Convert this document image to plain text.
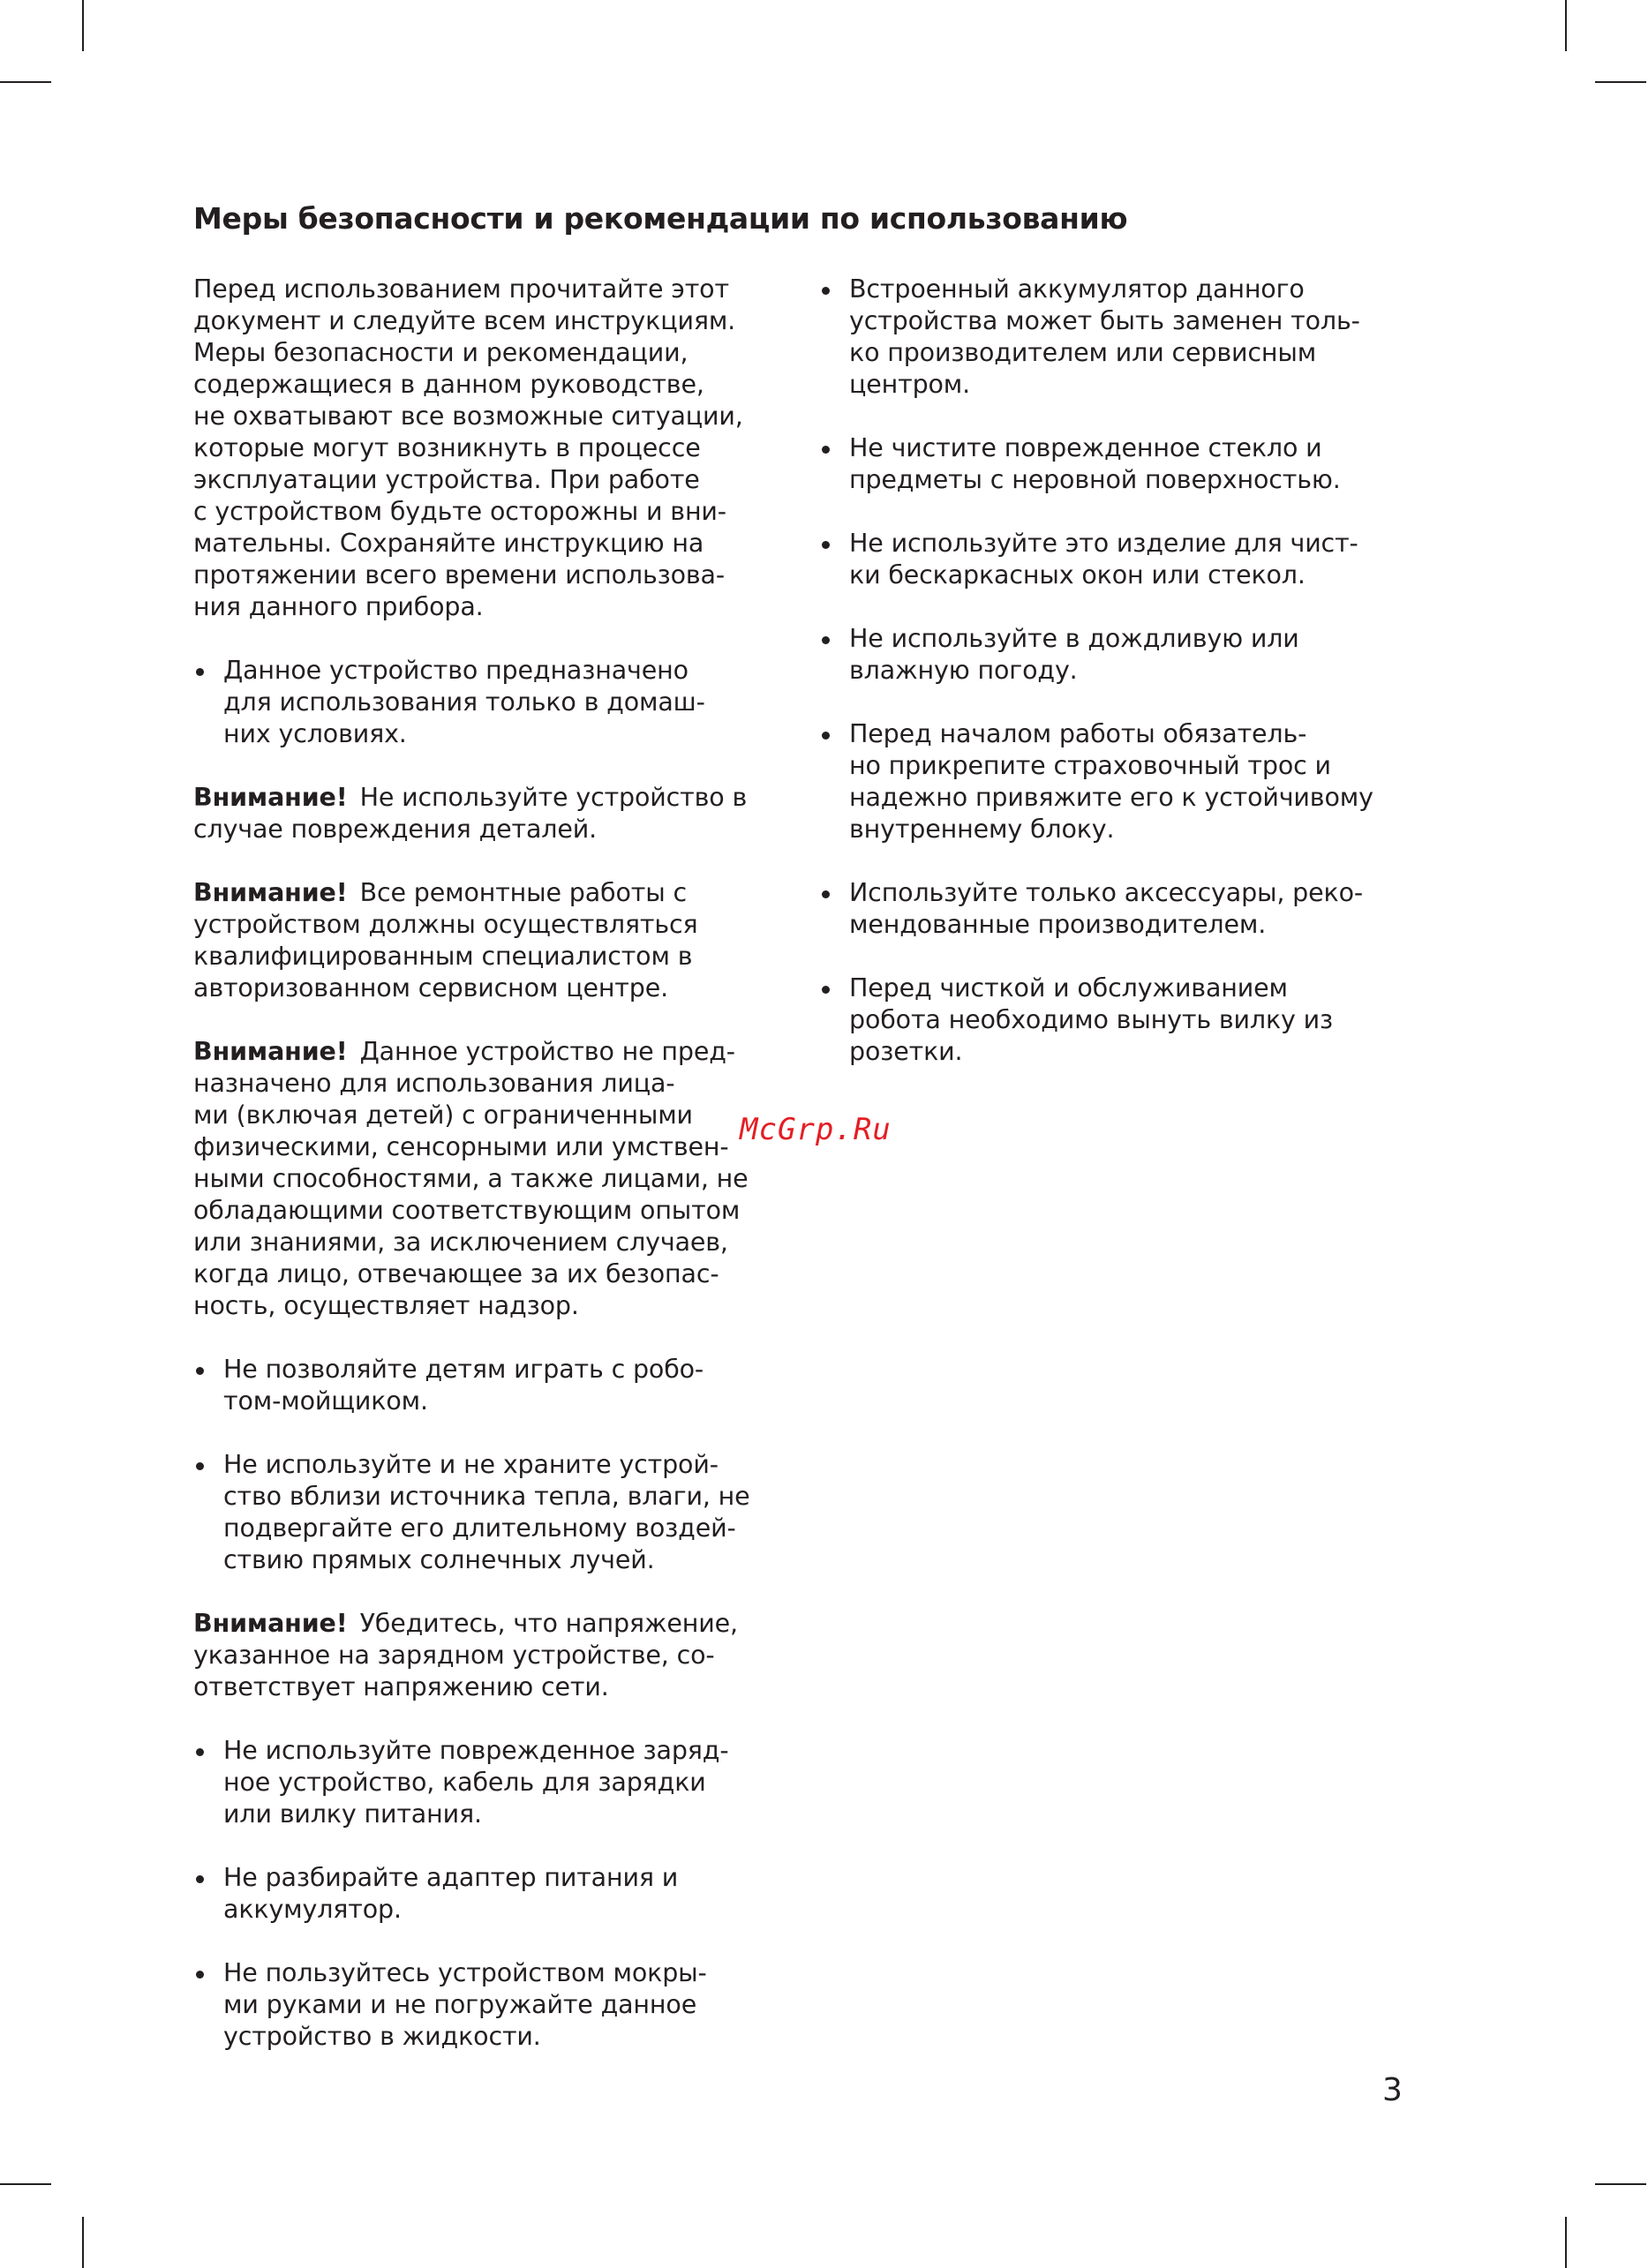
Меры безопасности и рекомендации по использованию

Перед использованием прочитайте этот
документ и следуйте всем инструкциям.
Меры безопасности и рекомендации,
содержащиеся в данном руководстве,
не охватывают все возможные ситуации,
которые могут возникнуть в процессе
эксплуатации устройства. При работе
с устройством будьте осторожны и вни-
мательны. Сохраняйте инструкцию на
протяжении всего времени использова-
ния данного прибора.

Данное устройство предназначено
для использования только в домаш-
них условиях.

Внимание! Не используйте устройство в
случае повреждения деталей.

Внимание! Все ремонтные работы с
устройством должны осуществляться
квалифицированным специалистом в
авторизованном сервисном центре.

Внимание! Данное устройство не пред-
назначено для использования лица-
ми (включая детей) с ограниченными
физическими, сенсорными или умствен-
ными способностями, а также лицами, не
обладающими соответствующим опытом
или знаниями, за исключением случаев,
когда лицо, отвечающее за их безопас-
ность, осуществляет надзор.

Не позволяйте детям играть с робо-
том-мойщиком.

Не используйте и не храните устрой-
ство вблизи источника тепла, влаги, не
подвергайте его длительному воздей-
ствию прямых солнечных лучей.

Внимание! Убедитесь, что напряжение,
указанное на зарядном устройстве, со-
ответствует напряжению сети.

Не используйте поврежденное заряд-
ное устройство, кабель для зарядки
или вилку питания.

Не разбирайте адаптер питания и
аккумулятор.

Не пользуйтесь устройством мокры-
ми руками и не погружайте данное
устройство в жидкости.

Встроенный аккумулятор данного
устройства может быть заменен толь-
ко производителем или сервисным
центром.

Не чистите поврежденное стекло и
предметы с неровной поверхностью.

Не используйте это изделие для чист-
ки бескаркасных окон или стекол.

Не используйте в дождливую или
влажную погоду.

Перед началом работы обязатель-
но прикрепите страховочный трос и
надежно привяжите его к устойчивому
внутреннему блоку.

Используйте только аксессуары, реко-
мендованные производителем.

Перед чисткой и обслуживанием
робота необходимо вынуть вилку из
розетки.

McGrp.Ru
3
